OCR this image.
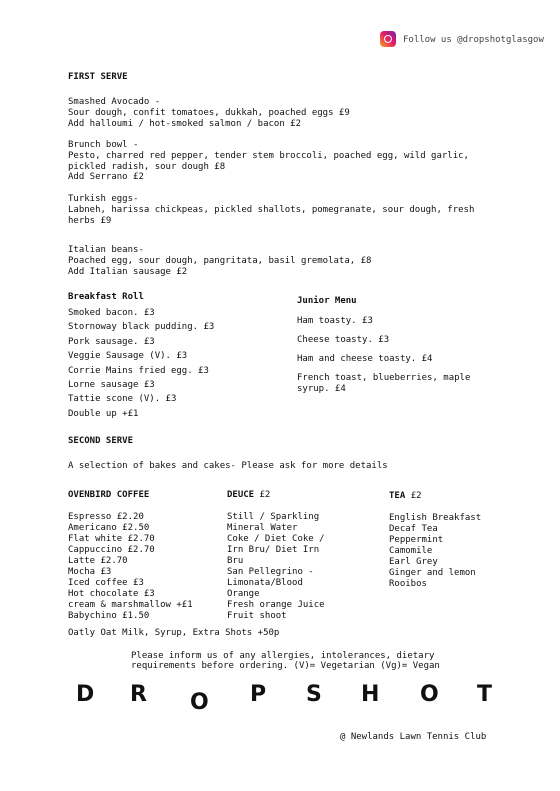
Follow us @dropshotglasgow
FIRST SERVE
Smashed Avocado -
Sour dough, confit tomatoes, dukkah, poached eggs £9
Add halloumi / hot-smoked salmon / bacon £2
Brunch bowl -
Pesto, charred red pepper, tender stem broccoli, poached egg, wild garlic,
pickled radish, sour dough £8
Add Serrano £2
Turkish eggs-
Labneh, harissa chickpeas, pickled shallots, pomegranate, sour dough, fresh
herbs £9
Italian beans-
Poached egg, sour dough, pangritata, basil gremolata, £8
Add Italian sausage £2
Breakfast Roll
Smoked bacon. £3
Stornoway black pudding. £3
Pork sausage. £3
Veggie Sausage (V). £3
Corrie Mains fried egg. £3
Lorne sausage £3
Tattie scone (V). £3
Double up +£1
Junior Menu
Ham toasty. £3
Cheese toasty. £3
Ham and cheese toasty. £4
French toast, blueberries, maple syrup. £4
SECOND SERVE
A selection of bakes and cakes- Please ask for more details
OVENBIRD COFFEE
Espresso £2.20
Americano £2.50
Flat white £2.70
Cappuccino £2.70
Latte £2.70
Mocha £3
Iced coffee £3
Hot chocolate £3
cream & marshmallow +£1
Babychino £1.50
DEUCE £2
Still / Sparkling
Mineral Water
Coke / Diet Coke /
Irn Bru/ Diet Irn
Bru
San Pellegrino -
Limonata/Blood
Orange
Fresh orange Juice
Fruit shoot
TEA £2
English Breakfast
Decaf Tea
Peppermint
Camomile
Earl Grey
Ginger and lemon
Rooibos
Oatly Oat Milk, Syrup, Extra Shots +50p
Please inform us of any allergies, intolerances, dietary
requirements before ordering. (V)= Vegetarian (Vg)= Vegan
D R O P S H O T
@ Newlands Lawn Tennis Club
